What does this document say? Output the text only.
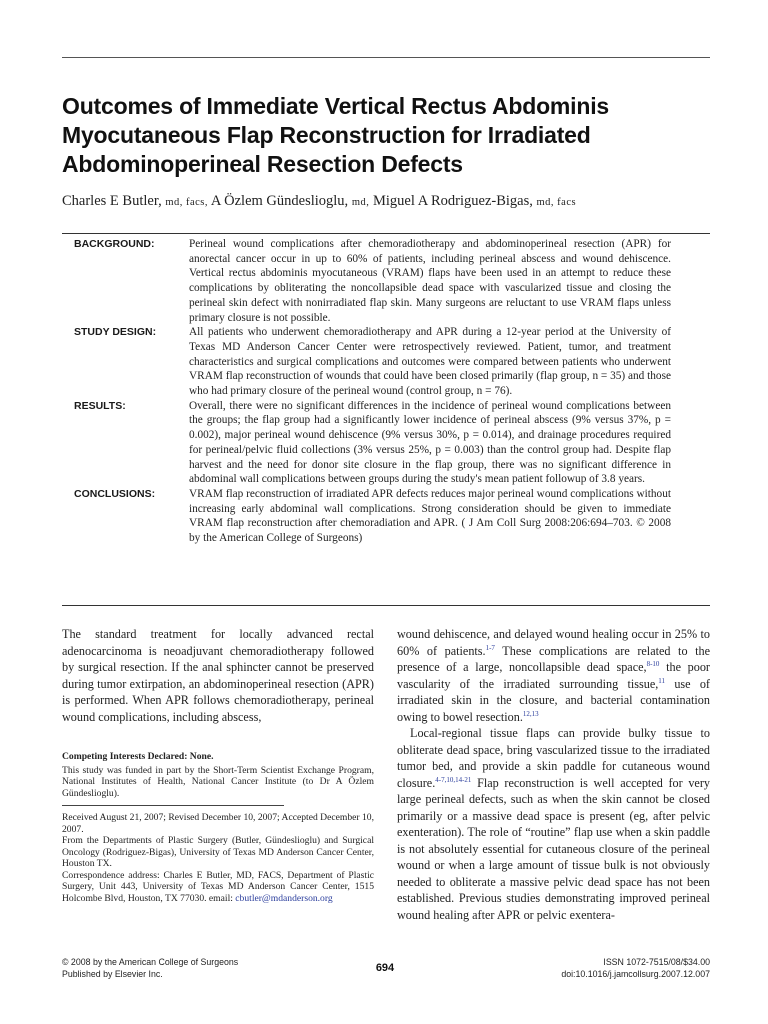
Outcomes of Immediate Vertical Rectus Abdominis Myocutaneous Flap Reconstruction for Irradiated Abdominoperineal Resection Defects
Charles E Butler, md, facs, A Özlem Gündeslioglu, md, Miguel A Rodriguez-Bigas, md, facs
BACKGROUND:	Perineal wound complications after chemoradiotherapy and abdominoperineal resection (APR) for anorectal cancer occur in up to 60% of patients, including perineal abscess and wound dehiscence. Vertical rectus abdominis myocutaneous (VRAM) flaps have been used in an attempt to reduce these complications by obliterating the noncollapsible dead space with vascularized tissue and closing the perineal skin defect with nonirradiated flap skin. Many surgeons are reluctant to use VRAM flaps unless primary closure is not possible.

STUDY DESIGN:	All patients who underwent chemoradiotherapy and APR during a 12-year period at the University of Texas MD Anderson Cancer Center were retrospectively reviewed. Patient, tumor, and treatment characteristics and surgical complications and outcomes were compared between patients who underwent VRAM flap reconstruction of wounds that could have been closed primarily (flap group, n = 35) and those who had primary closure of the perineal wound (control group, n = 76).

RESULTS:	Overall, there were no significant differences in the incidence of perineal wound complications between the groups; the flap group had a significantly lower incidence of perineal abscess (9% versus 37%, p = 0.002), major perineal wound dehiscence (9% versus 30%, p = 0.014), and drainage procedures required for perineal/pelvic fluid collections (3% versus 25%, p = 0.003) than the control group had. Despite flap harvest and the need for donor site closure in the flap group, there was no significant difference in abdominal wall complications between groups during the study's mean patient followup of 3.8 years.

CONCLUSIONS:	VRAM flap reconstruction of irradiated APR defects reduces major perineal wound complications without increasing early abdominal wall complications. Strong consideration should be given to immediate VRAM flap reconstruction after chemoradiation and APR. ( J Am Coll Surg 2008:206:694–703. © 2008 by the American College of Surgeons)

The standard treatment for locally advanced rectal adenocarcinoma is neoadjuvant chemoradiotherapy followed by surgical resection. If the anal sphincter cannot be preserved during tumor extirpation, an abdominoperineal resection (APR) is performed. When APR follows chemoradiotherapy, perineal wound complications, including abscess,

Competing Interests Declared: None.

This study was funded in part by the Short-Term Scientist Exchange Program, National Institutes of Health, National Cancer Institute (to Dr A Özlem Gündeslioglu).

Received August 21, 2007; Revised December 10, 2007; Accepted December 10, 2007.

From the Departments of Plastic Surgery (Butler, Gündeslioglu) and Surgical Oncology (Rodriguez-Bigas), University of Texas MD Anderson Cancer Center, Houston TX.

Correspondence address: Charles E Butler, MD, FACS, Department of Plastic Surgery, Unit 443, University of Texas MD Anderson Cancer Center, 1515 Holcombe Blvd, Houston, TX 77030. email: cbutler@mdanderson.org

wound dehiscence, and delayed wound healing occur in 25% to 60% of patients.$^{1-7}$ These complications are related to the presence of a large, noncollapsible dead space,$^{8-10}$ the poor vascularity of the irradiated surrounding tissue,$^{11}$ use of irradiated skin in the closure, and bacterial contamination owing to bowel resection.$^{12,13}$

Local-regional tissue flaps can provide bulky tissue to obliterate dead space, bring vascularized tissue to the irradiated tumor bed, and provide a skin paddle for cutaneous wound closure.$^{4-7,10,14-21}$ Flap reconstruction is well accepted for very large perineal defects, such as when the skin cannot be closed primarily or a massive dead space is present (eg, after pelvic exenteration). The role of “routine” flap use when a skin paddle is not absolutely essential for cutaneous closure of the perineal wound or when a large amount of tissue bulk is not obviously needed to obliterate a massive pelvic dead space has not been established. Previous studies demonstrating improved perineal wound healing after APR or pelvic exentera-

© 2008 by the American College of Surgeons
Published by Elsevier Inc.	694	ISSN 1072-7515/08/$34.00
doi:10.1016/j.jamcollsurg.2007.12.007
